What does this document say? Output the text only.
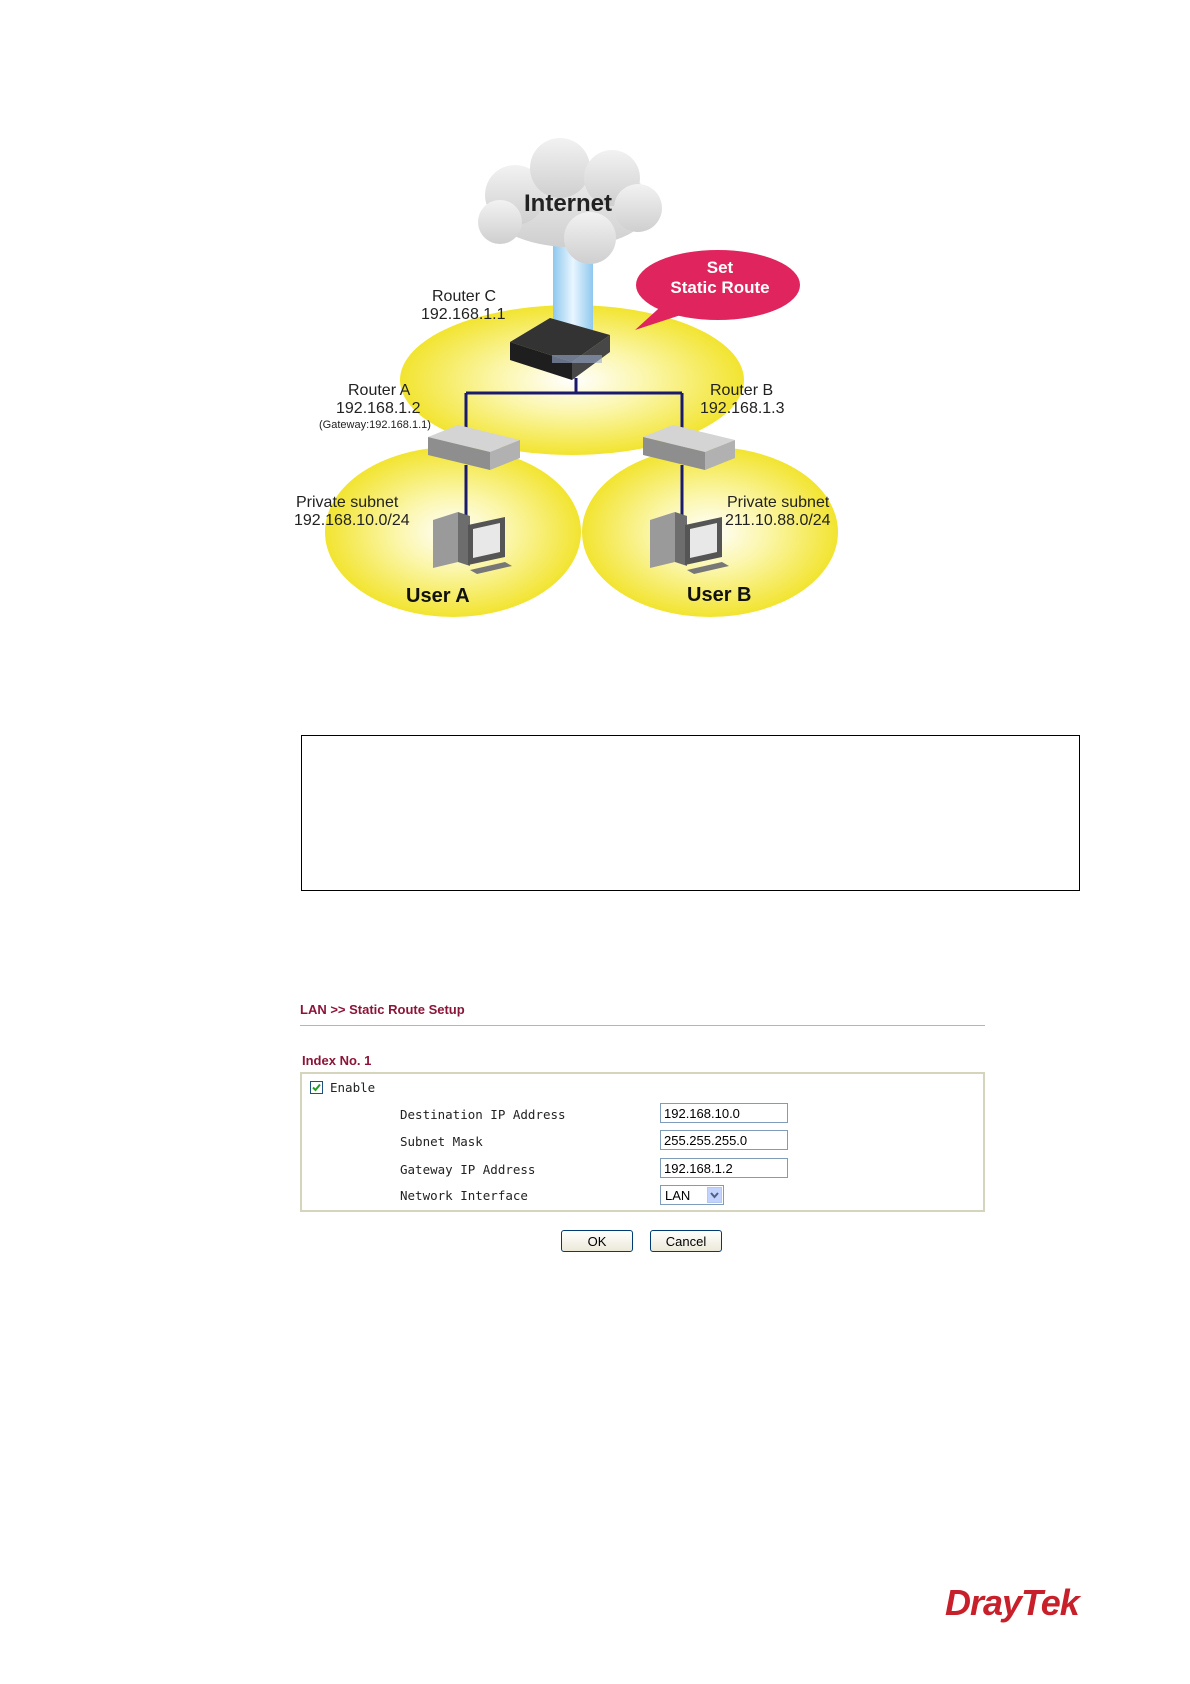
Internet
Set
Static Route
Router C
192.168.1.1
Router A
192.168.1.2
(Gateway:192.168.1.1)
Router B
192.168.1.3
Private subnet
192.168.10.0/24
Private subnet
211.10.88.0/24
User A	User B
LAN >> Static Route Setup
Index No. 1
Enable
Destination IP Address	192.168.10.0
Subnet Mask	255.255.255.0
Gateway IP Address	192.168.1.2
Network Interface	LAN
OK	Cancel
DrayTek
